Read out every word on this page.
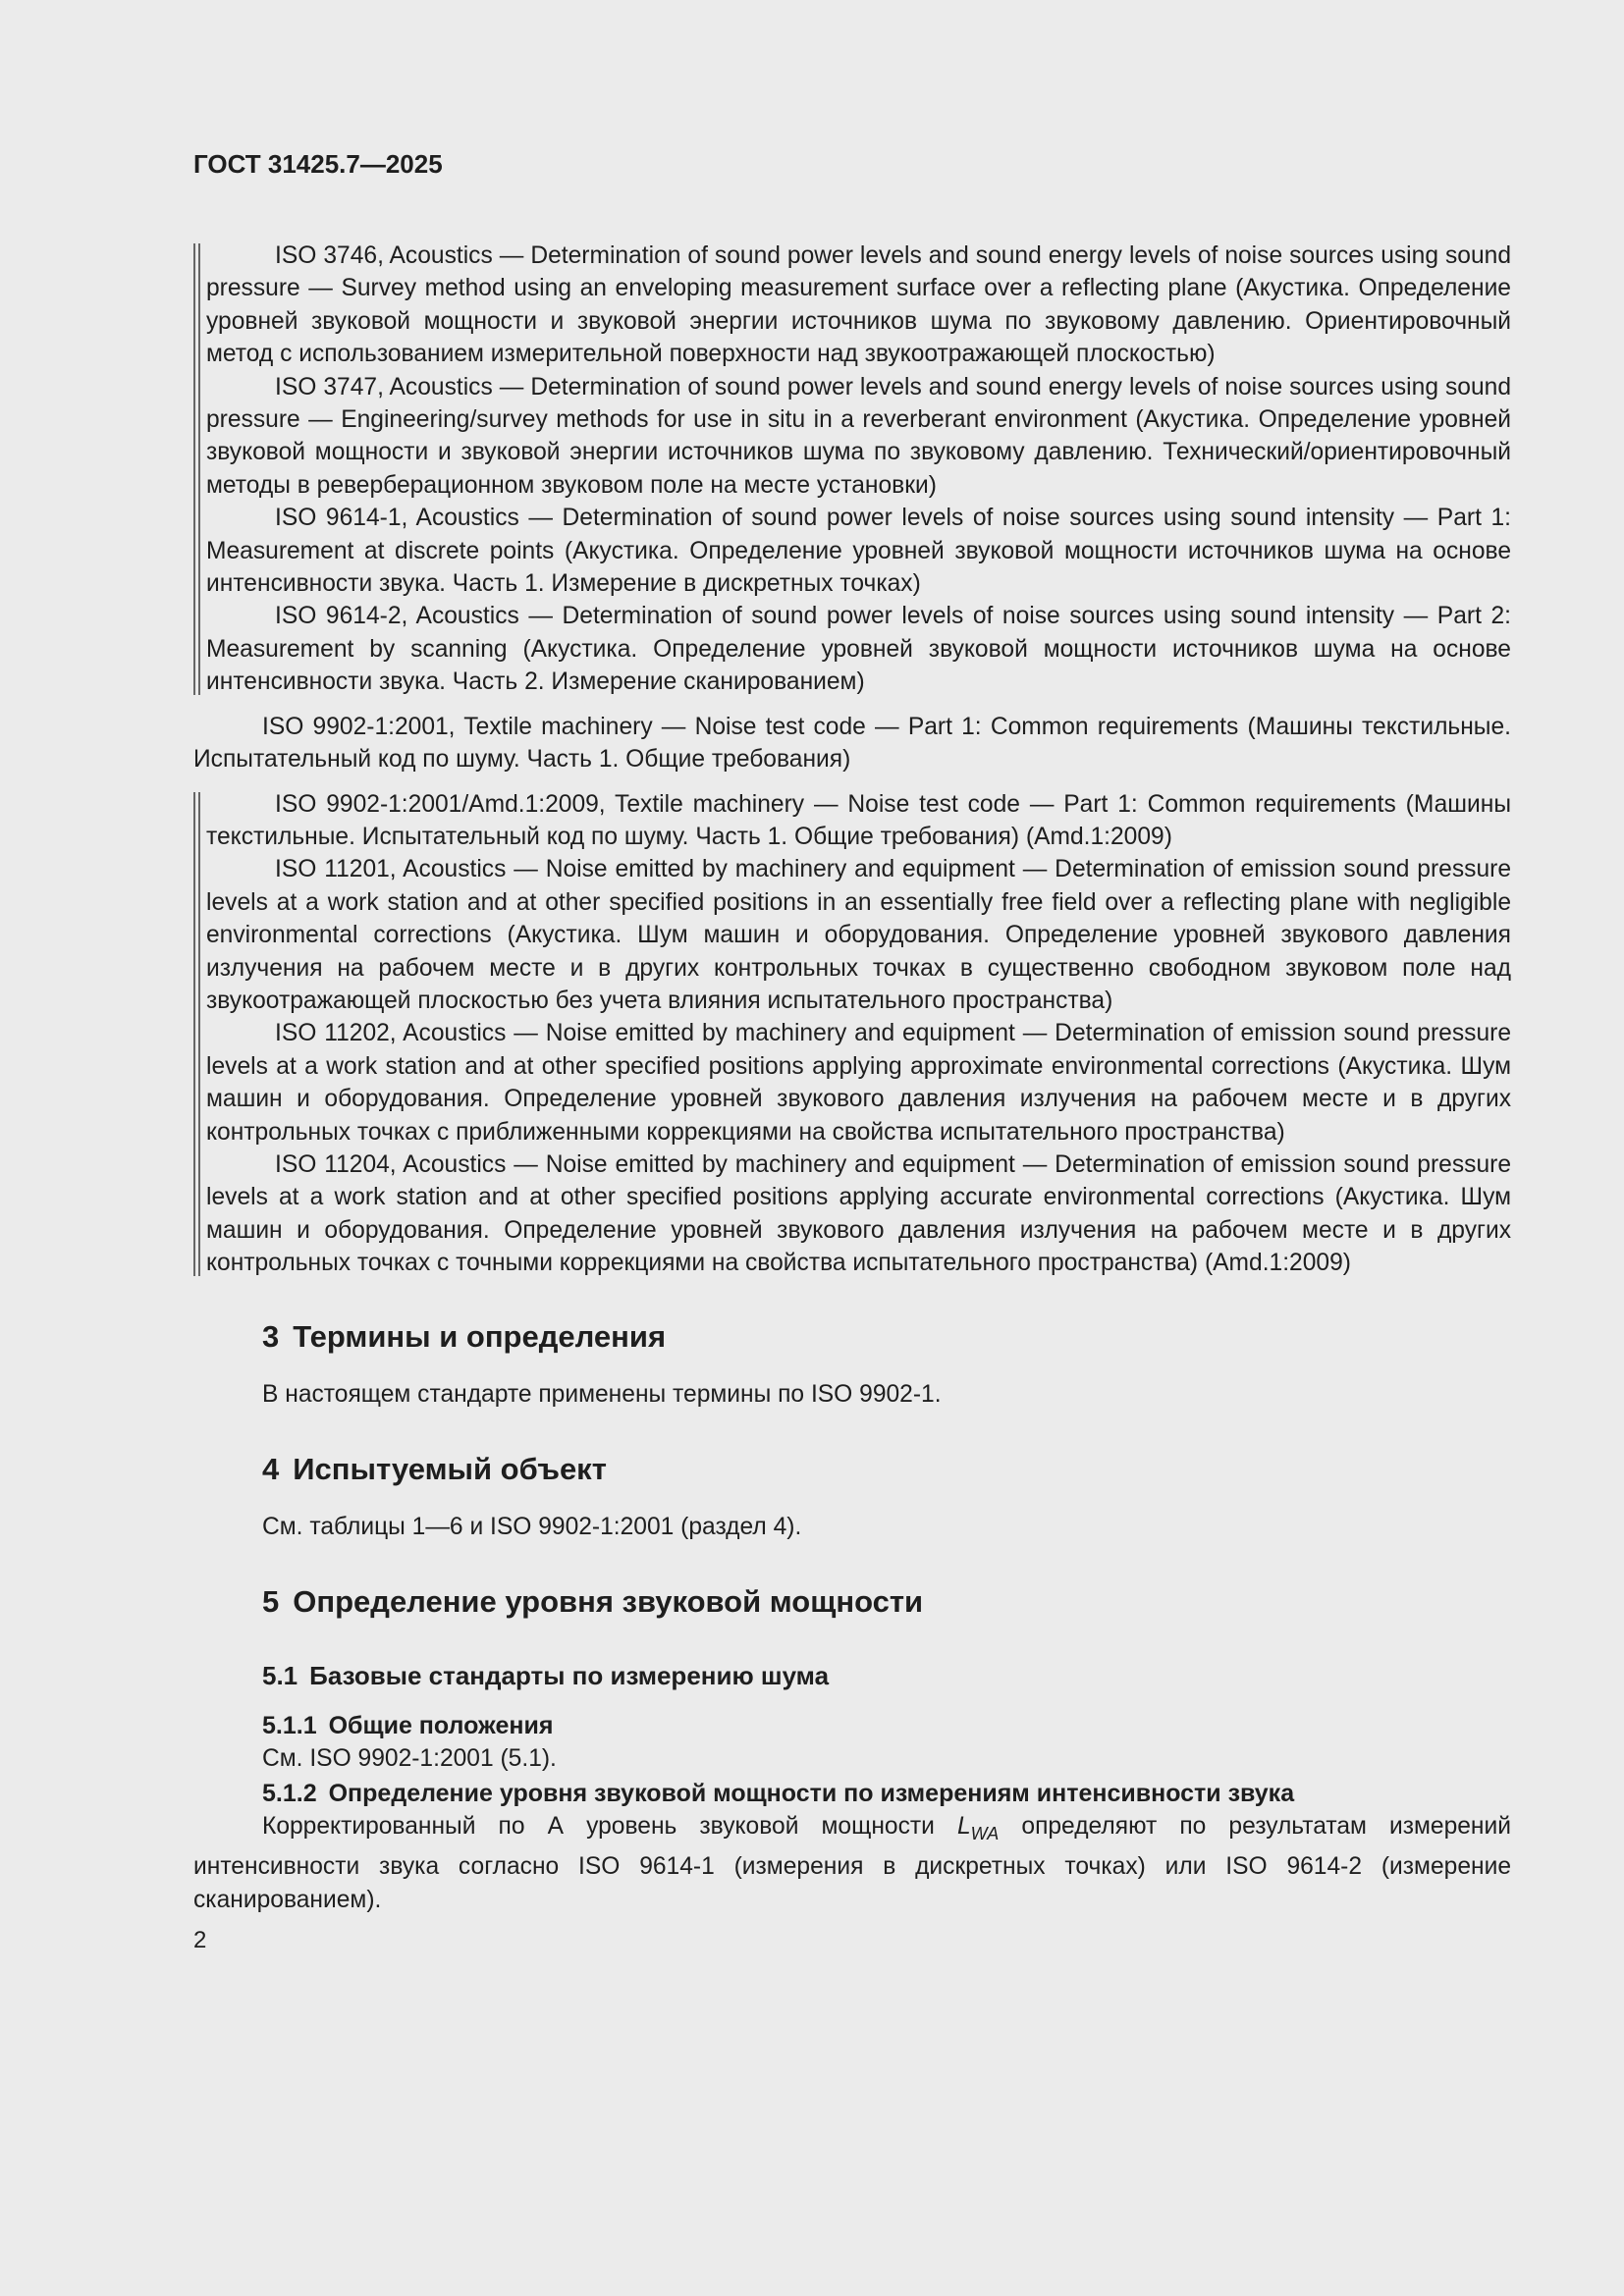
ГОСТ 31425.7—2025

ISO 3746, Acoustics — Determination of sound power levels and sound energy levels of noise sources using sound pressure — Survey method using an enveloping measurement surface over a reflecting plane (Акустика. Определение уровней звуковой мощности и звуковой энергии источников шума по звуковому давлению. Ориентировочный метод с использованием измерительной поверхности над звукоотражающей плоскостью)

ISO 3747, Acoustics — Determination of sound power levels and sound energy levels of noise sources using sound pressure — Engineering/survey methods for use in situ in a reverberant environment (Акустика. Определение уровней звуковой мощности и звуковой энергии источников шума по звуковому давлению. Технический/ориентировочный методы в реверберационном звуковом поле на месте установки)

ISO 9614-1, Acoustics — Determination of sound power levels of noise sources using sound intensity — Part 1: Measurement at discrete points (Акустика. Определение уровней звуковой мощности источников шума на основе интенсивности звука. Часть 1. Измерение в дискретных точках)

ISO 9614-2, Acoustics — Determination of sound power levels of noise sources using sound intensity — Part 2: Measurement by scanning (Акустика. Определение уровней звуковой мощности источников шума на основе интенсивности звука. Часть 2. Измерение сканированием)

ISO 9902-1:2001, Textile machinery — Noise test code — Part 1: Common requirements (Машины текстильные. Испытательный код по шуму. Часть 1. Общие требования)

ISO 9902-1:2001/Amd.1:2009, Textile machinery — Noise test code — Part 1: Common requirements (Машины текстильные. Испытательный код по шуму. Часть 1. Общие требования) (Amd.1:2009)

ISO 11201, Acoustics — Noise emitted by machinery and equipment — Determination of emission sound pressure levels at a work station and at other specified positions in an essentially free field over a reflecting plane with negligible environmental corrections (Акустика. Шум машин и оборудования. Определение уровней звукового давления излучения на рабочем месте и в других контрольных точках в существенно свободном звуковом поле над звукоотражающей плоскостью без учета влияния испытательного пространства)

ISO 11202, Acoustics — Noise emitted by machinery and equipment — Determination of emission sound pressure levels at a work station and at other specified positions applying approximate environmental corrections (Акустика. Шум машин и оборудования. Определение уровней звукового давления излучения на рабочем месте и в других контрольных точках с приближенными коррекциями на свойства испытательного пространства)

ISO 11204, Acoustics — Noise emitted by machinery and equipment — Determination of emission sound pressure levels at a work station and at other specified positions applying accurate environmental corrections (Акустика. Шум машин и оборудования. Определение уровней звукового давления излучения на рабочем месте и в других контрольных точках с точными коррекциями на свойства испытательного пространства) (Amd.1:2009)

3 Термины и определения

В настоящем стандарте применены термины по ISO 9902-1.

4 Испытуемый объект

См. таблицы 1—6 и ISO 9902-1:2001 (раздел 4).

5 Определение уровня звуковой мощности
5.1 Базовые стандарты по измерению шума
5.1.1 Общие положения

См. ISO 9902-1:2001 (5.1).

5.1.2 Определение уровня звуковой мощности по измерениям интенсивности звука

Корректированный по А уровень звуковой мощности $L_{WA}$ определяют по результатам измерений интенсивности звука согласно ISO 9614-1 (измерения в дискретных точках) или ISO 9614-2 (измерение сканированием).

2
